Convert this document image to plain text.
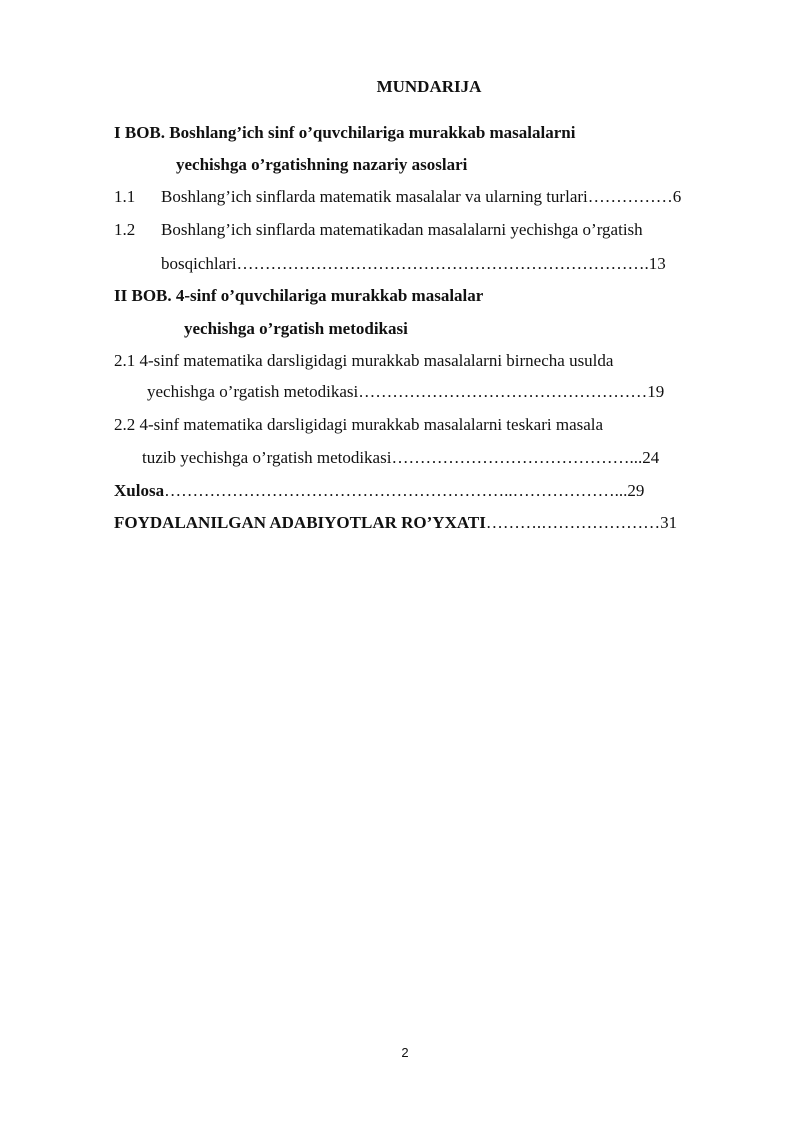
MUNDARIJA
I BOB. Boshlang’ich sinf o’quvchilariga murakkab masalalarni
yechishga o’rgatishning nazariy asoslari
1.1 Boshlang’ich sinflarda matematik masalalar va ularning turlari……………6
1.2 Boshlang’ich sinflarda matematikadan masalalarni yechishga o’rgatish
bosqichlari……………………………………………………………….13
II BOB. 4-sinf o’quvchilariga murakkab masalalar
yechishga o’rgatish metodikasi
2.1 4-sinf matematika darsligidagi murakkab masalalarni birnecha usulda
yechishga o’rgatish metodikasi……………………………………………19
2.2 4-sinf matematika darsligidagi murakkab masalalarni teskari masala
tuzib yechishga o’rgatish metodikasi……………………………………...24
Xulosa……………………………………………………..………………...29
FOYDALANILGAN ADABIYOTLAR RO’YXATI……….…………………31
2
